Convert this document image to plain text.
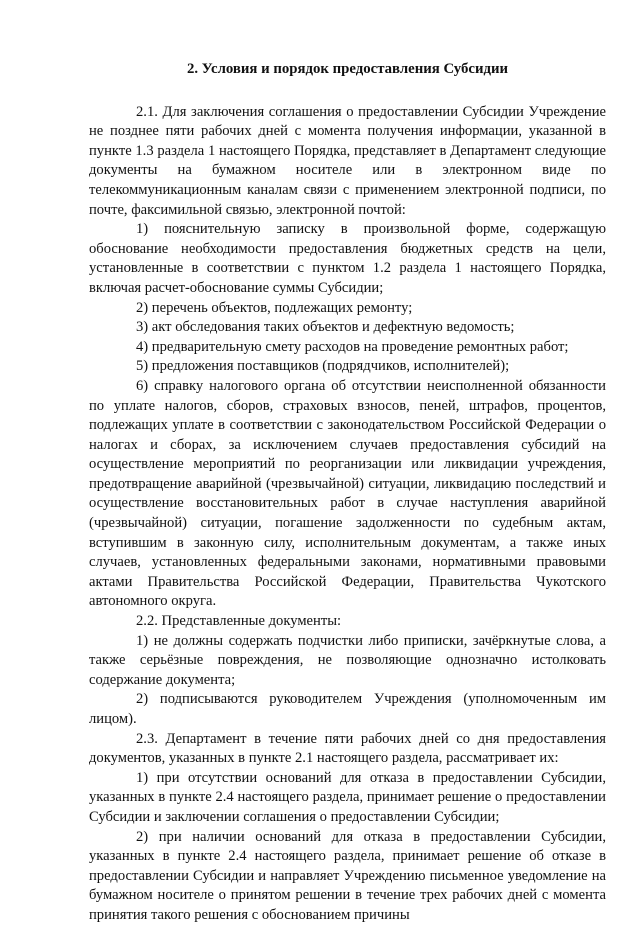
2. Условия и порядок предоставления Субсидии

2.1. Для заключения соглашения о предоставлении Субсидии Учреждение не позднее пяти рабочих дней с момента получения информации, указанной в пункте 1.3 раздела 1 настоящего Порядка, представляет в Департамент следующие документы на бумажном носителе или в электронном виде по телекоммуникационным каналам связи с применением электронной подписи, по почте, факсимильной связью, электронной почтой:

1) пояснительную записку в произвольной форме, содержащую обоснование необходимости предоставления бюджетных средств на цели, установленные в соответствии с пунктом 1.2 раздела 1 настоящего Порядка, включая расчет-обоснование суммы Субсидии;

2) перечень объектов, подлежащих ремонту;

3) акт обследования таких объектов и дефектную ведомость;

4) предварительную смету расходов на проведение ремонтных работ;

5) предложения поставщиков (подрядчиков, исполнителей);

6) справку налогового органа об отсутствии неисполненной обязанности по уплате налогов, сборов, страховых взносов, пеней, штрафов, процентов, подлежащих уплате в соответствии с законодательством Российской Федерации о налогах и сборах, за исключением случаев предоставления субсидий на осуществление мероприятий по реорганизации или ликвидации учреждения, предотвращение аварийной (чрезвычайной) ситуации, ликвидацию последствий и осуществление восстановительных работ в случае наступления аварийной (чрезвычайной) ситуации, погашение задолженности по судебным актам, вступившим в законную силу, исполнительным документам, а также иных случаев, установленных федеральными законами, нормативными правовыми актами Правительства Российской Федерации, Правительства Чукотского автономного округа.

2.2. Представленные документы:

1) не должны содержать подчистки либо приписки, зачёркнутые слова, а также серьёзные повреждения, не позволяющие однозначно истолковать содержание документа;

2) подписываются руководителем Учреждения (уполномоченным им лицом).

2.3. Департамент в течение пяти рабочих дней со дня предоставления документов, указанных в пункте 2.1 настоящего раздела, рассматривает их:

1) при отсутствии оснований для отказа в предоставлении Субсидии, указанных в пункте 2.4 настоящего раздела, принимает решение о предоставлении Субсидии и заключении соглашения о предоставлении Субсидии;

2) при наличии оснований для отказа в предоставлении Субсидии, указанных в пункте 2.4 настоящего раздела, принимает решение об отказе в предоставлении Субсидии и направляет Учреждению письменное уведомление на бумажном носителе о принятом решении в течение трех рабочих дней с момента принятия такого решения с обоснованием причины
